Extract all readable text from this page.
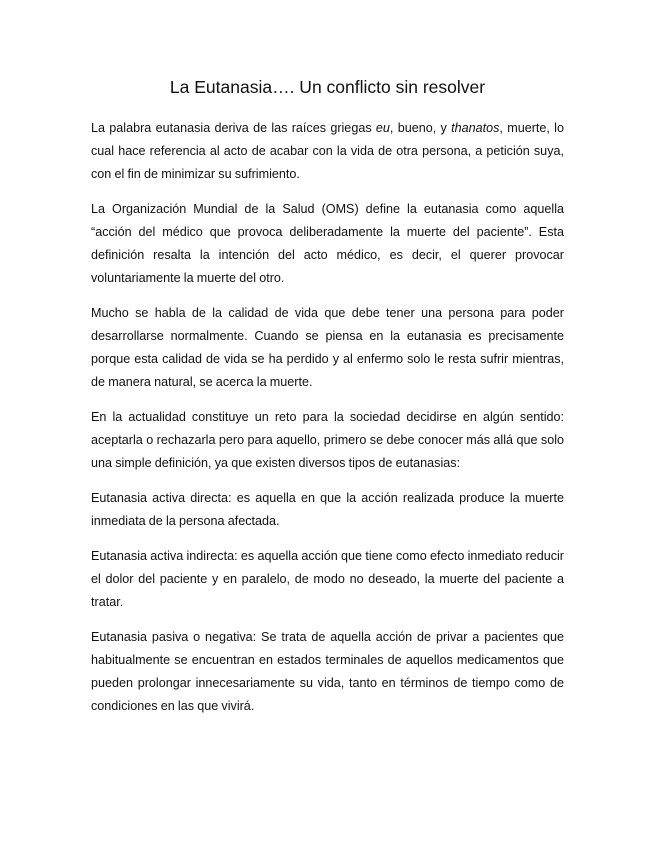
La Eutanasia…. Un conflicto sin resolver

La palabra eutanasia deriva de las raíces griegas eu, bueno, y thanatos, muerte, lo cual hace referencia al acto de acabar con la vida de otra persona, a petición suya, con el fin de minimizar su sufrimiento.

La Organización Mundial de la Salud (OMS) define la eutanasia como aquella “acción del médico que provoca deliberadamente la muerte del paciente”. Esta definición resalta la intención del acto médico, es decir, el querer provocar voluntariamente la muerte del otro.

Mucho se habla de la calidad de vida que debe tener una persona para poder desarrollarse normalmente. Cuando se piensa en la eutanasia es precisamente porque esta calidad de vida se ha perdido y al enfermo solo le resta sufrir mientras, de manera natural, se acerca la muerte.

En la actualidad constituye un reto para la sociedad decidirse en algún sentido: aceptarla o rechazarla pero para aquello, primero se debe conocer más allá que solo una simple definición, ya que existen diversos tipos de eutanasias:

Eutanasia activa directa: es aquella en que la acción realizada produce la muerte inmediata de la persona afectada.

Eutanasia activa indirecta: es aquella acción que tiene como efecto inmediato reducir el dolor del paciente y en paralelo, de modo no deseado, la muerte del paciente a tratar.

Eutanasia pasiva o negativa: Se trata de aquella acción de privar a pacientes que habitualmente se encuentran en estados terminales de aquellos medicamentos que pueden prolongar innecesariamente su vida, tanto en términos de tiempo como de condiciones en las que vivirá.
